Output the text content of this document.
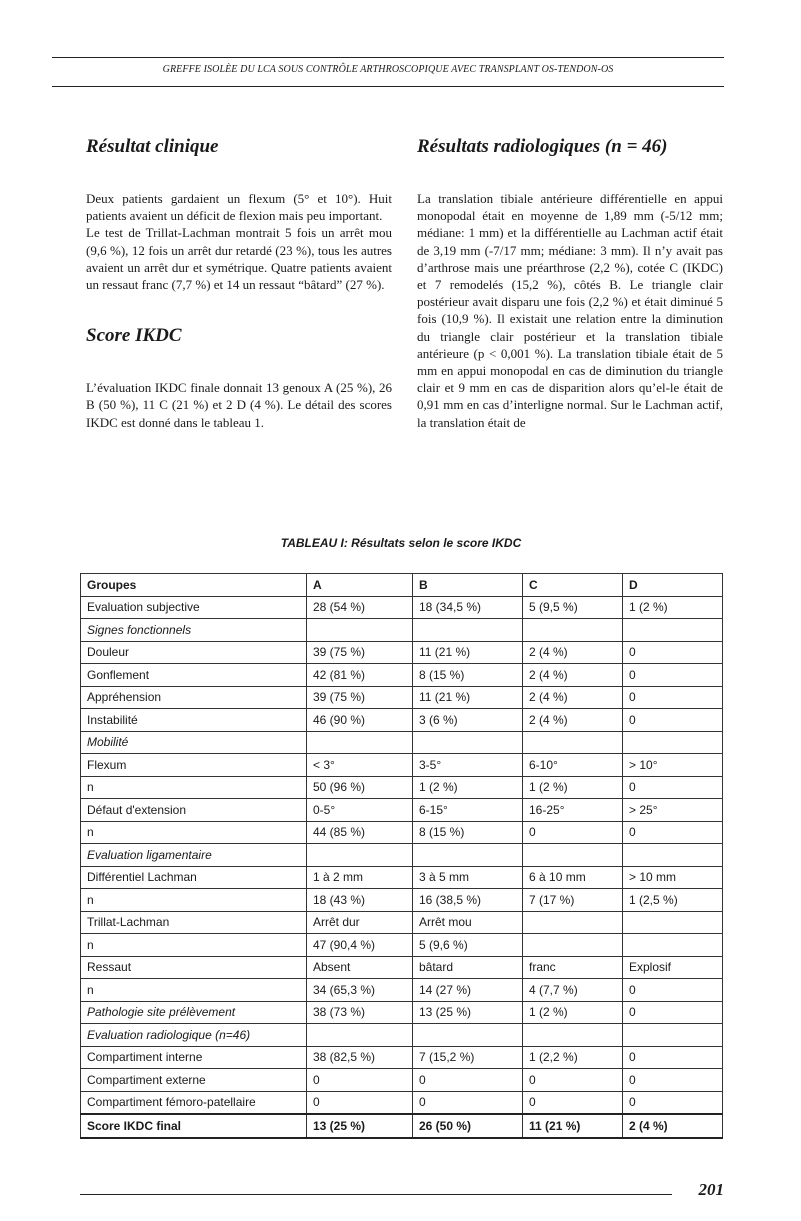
GREFFE ISOLÈE DU LCA SOUS CONTRÔLE ARTHROSCOPIQUE AVEC TRANSPLANT OS-TENDON-OS
Résultat clinique

Deux patients gardaient un flexum (5° et 10°). Huit patients avaient un déficit de flexion mais peu important.

Le test de Trillat-Lachman montrait 5 fois un arrêt mou (9,6 %), 12 fois un arrêt dur retardé (23 %), tous les autres avaient un arrêt dur et symétrique. Quatre patients avaient un ressaut franc (7,7 %) et 14 un ressaut “bâtard” (27 %).

Score IKDC

L’évaluation IKDC finale donnait 13 genoux A (25 %), 26 B (50 %), 11 C (21 %) et 2 D (4 %). Le détail des scores IKDC est donné dans le tableau 1.

Résultats radiologiques (n = 46)

La translation tibiale antérieure différentielle en appui monopodal était en moyenne de 1,89 mm (-5/12 mm; médiane: 1 mm) et la différentielle au Lachman actif était de 3,19 mm (-7/17 mm; médiane: 3 mm). Il n’y avait pas d’arthrose mais une préarthrose (2,2 %), cotée C (IKDC) et 7 remodelés (15,2 %), côtés B. Le triangle clair postérieur avait disparu une fois (2,2 %) et était diminué 5 fois (10,9 %). Il existait une relation entre la diminution du triangle clair postérieur et la translation tibiale antérieure (p < 0,001 %). La translation tibiale était de 5 mm en appui monopodal en cas de diminution du triangle clair et 9 mm en cas de disparition alors qu’el-le était de 0,91 mm en cas d’interligne normal. Sur le Lachman actif, la translation était de

TABLEAU I: Résultats selon le score IKDC
Groupes	A	B	C	D
Evaluation subjective	28 (54 %)	18 (34,5 %)	5 (9,5 %)	1 (2 %)
Signes fonctionnels				
Douleur	39 (75 %)	11 (21 %)	2 (4 %)	0
Gonflement	42 (81 %)	8 (15 %)	2 (4 %)	0
Appréhension	39 (75 %)	11 (21 %)	2 (4 %)	0
Instabilité	46 (90 %)	3 (6 %)	2 (4 %)	0
Mobilité				
Flexum	< 3°	3-5°	6-10°	> 10°
n	50 (96 %)	1 (2 %)	1 (2 %)	0
Défaut d'extension	0-5°	6-15°	16-25°	> 25°
n	44 (85 %)	8 (15 %)	0	0
Evaluation ligamentaire				
Différentiel Lachman	1 à 2 mm	3 à 5 mm	6 à 10 mm	> 10 mm
n	18 (43 %)	16 (38,5 %)	7 (17 %)	1 (2,5 %)
Trillat-Lachman	Arrêt dur	Arrêt mou		
n	47 (90,4 %)	5 (9,6 %)		
Ressaut	Absent	bâtard	franc	Explosif
n	34 (65,3 %)	14 (27 %)	4 (7,7 %)	0
Pathologie site prélèvement	38 (73 %)	13 (25 %)	1 (2 %)	0
Evaluation radiologique (n=46)				
Compartiment interne	38 (82,5 %)	7 (15,2 %)	1 (2,2 %)	0
Compartiment externe	0	0	0	0
Compartiment fémoro-patellaire	0	0	0	0
Score IKDC final	13 (25 %)	26 (50 %)	11 (21 %)	2 (4 %)
201
